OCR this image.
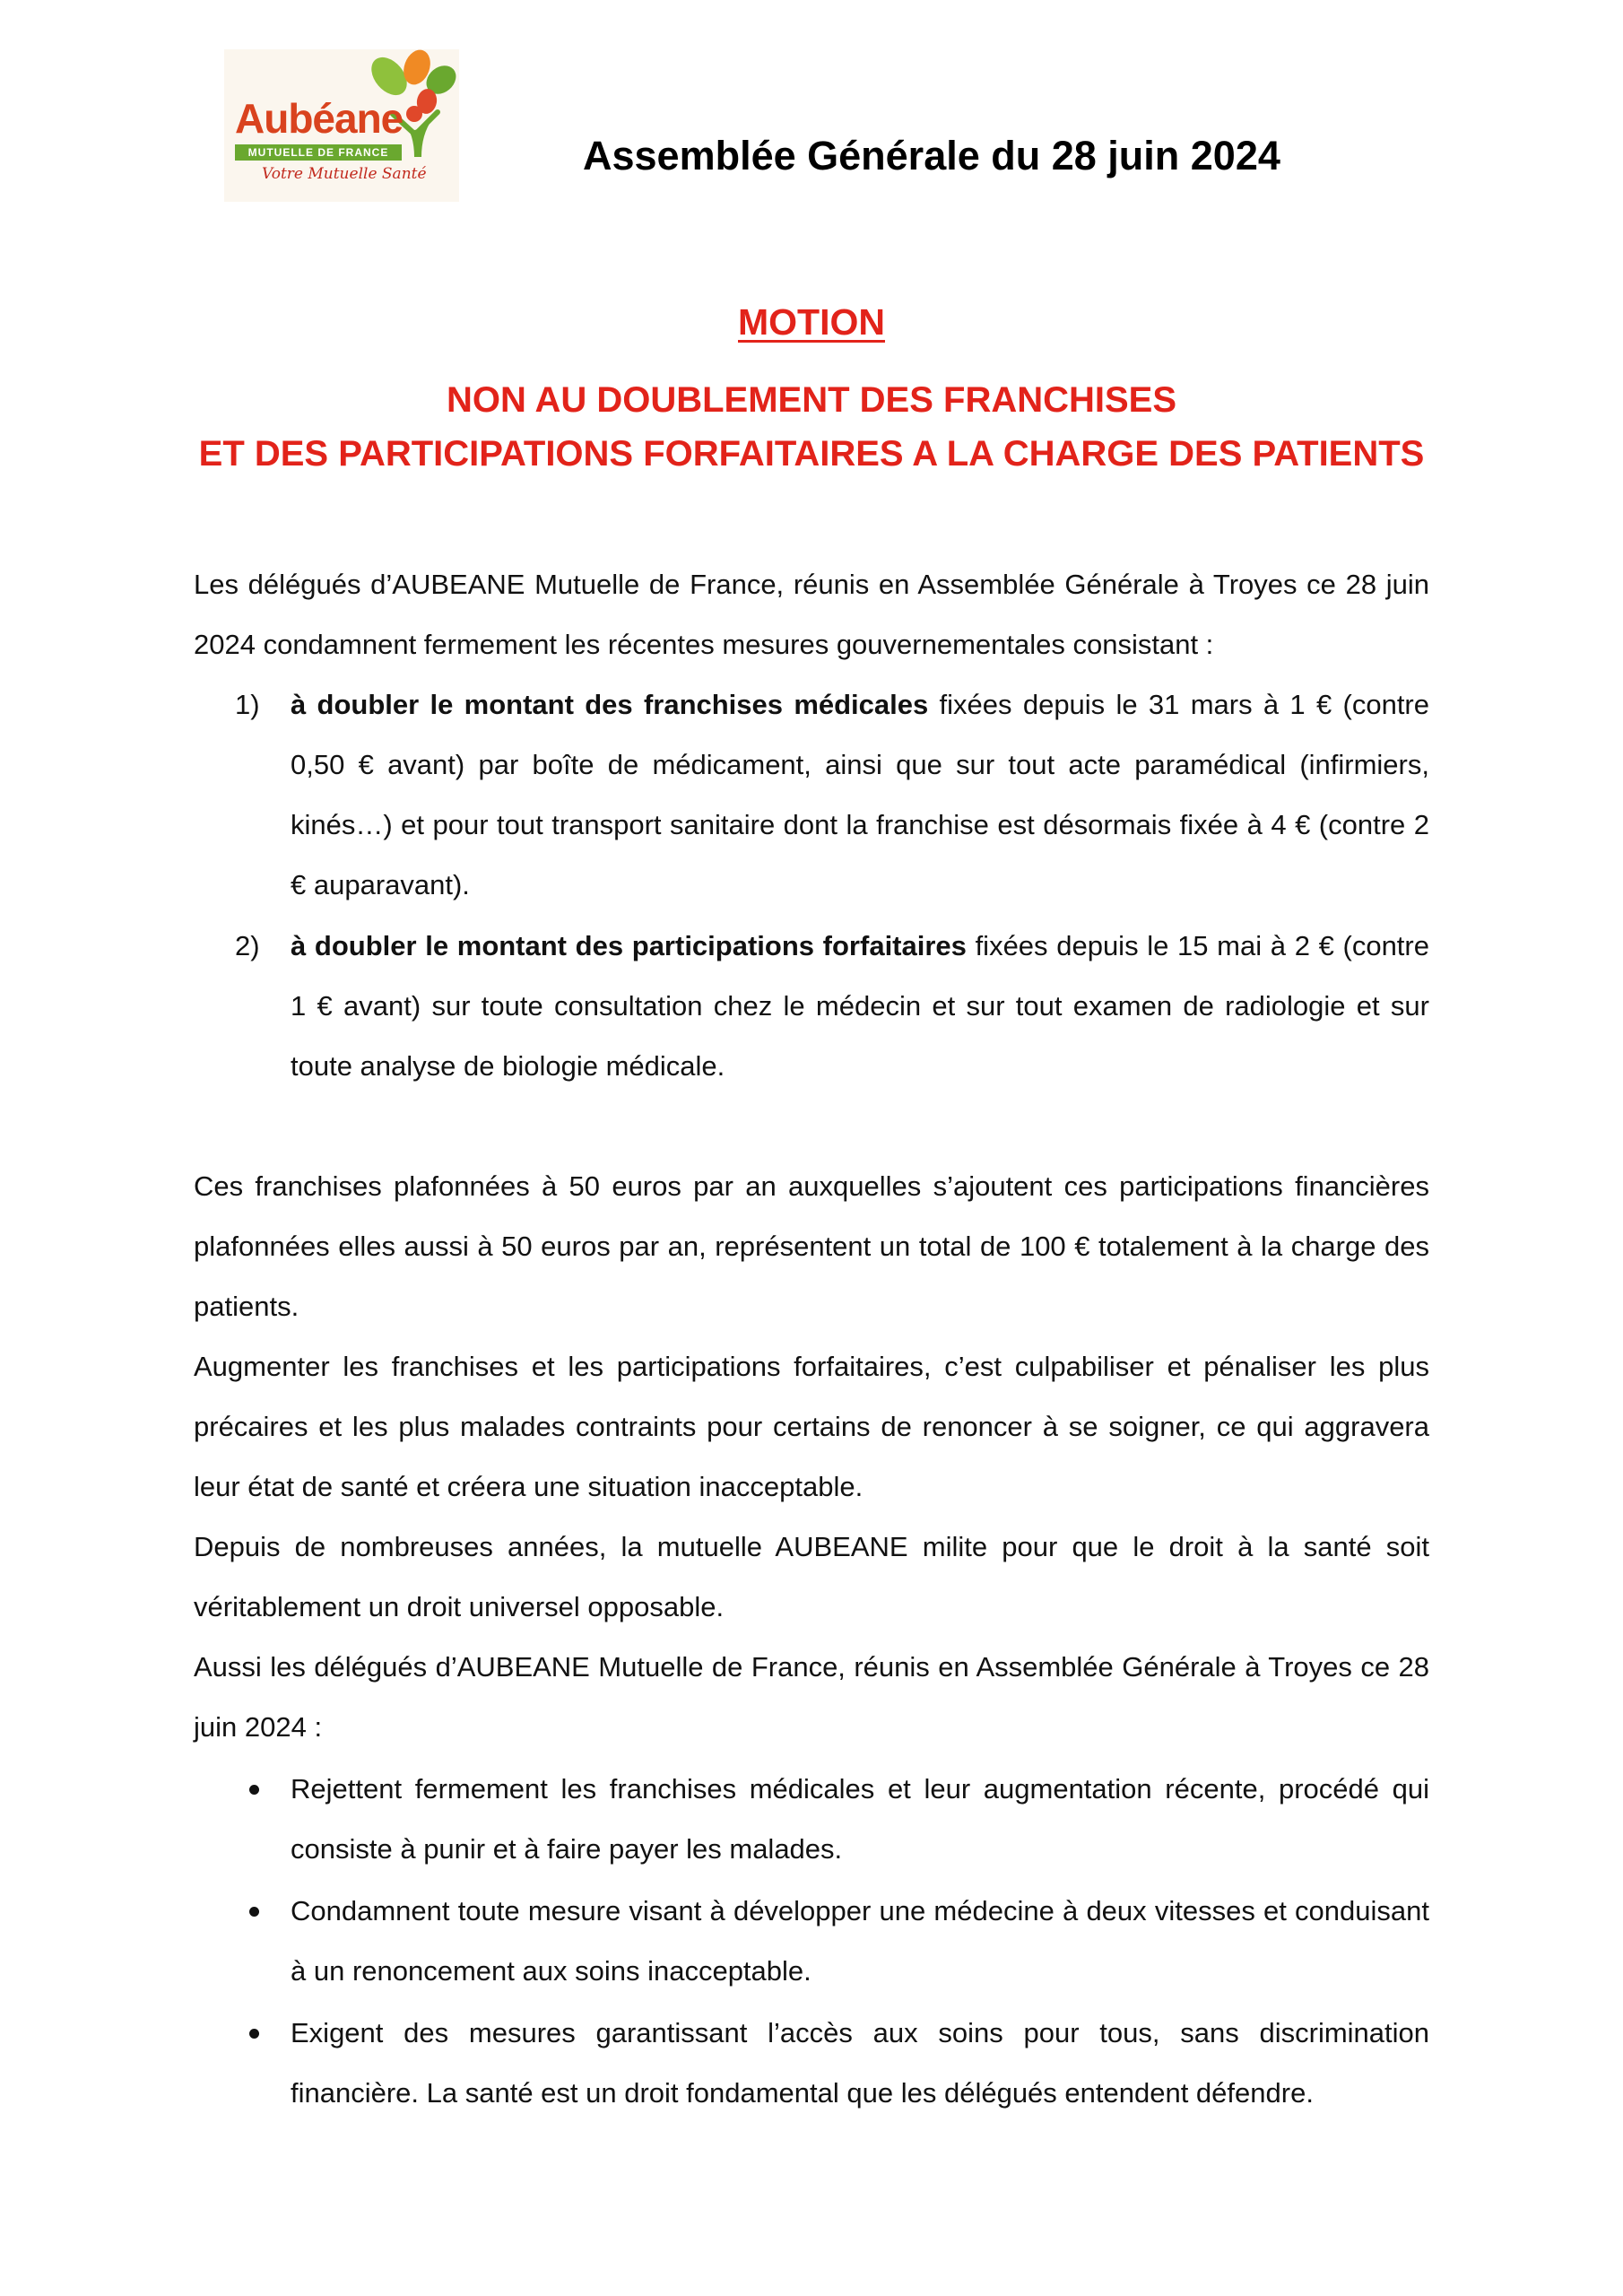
Aubéane
MUTUELLE DE FRANCE
Votre Mutuelle Santé	Assemblée Générale du 28 juin 2024
MOTION
NON AU DOUBLEMENT DES FRANCHISES
ET DES PARTICIPATIONS FORFAITAIRES A LA CHARGE DES PATIENTS

Les délégués d’AUBEANE Mutuelle de France, réunis en Assemblée Générale à Troyes ce 28 juin 2024 condamnent fermement les récentes mesures gouvernementales consistant :

1) à doubler le montant des franchises médicales fixées depuis le 31 mars à 1 € (contre 0,50 € avant) par boîte de médicament, ainsi que sur tout acte paramédical (infirmiers, kinés…) et pour tout transport sanitaire dont la franchise est désormais fixée à 4 € (contre 2 € auparavant).

2) à doubler le montant des participations forfaitaires fixées depuis le 15 mai à 2 € (contre 1 € avant) sur toute consultation chez le médecin et sur tout examen de radiologie et sur toute analyse de biologie médicale.

Ces franchises plafonnées à 50 euros par an auxquelles s’ajoutent ces participations financières plafonnées elles aussi à 50 euros par an, représentent un total de 100 € totalement à la charge des patients.

Augmenter les franchises et les participations forfaitaires, c’est culpabiliser et pénaliser les plus précaires et les plus malades contraints pour certains de renoncer à se soigner, ce qui aggravera leur état de santé et créera une situation inacceptable.

Depuis de nombreuses années, la mutuelle AUBEANE milite pour que le droit à la santé soit véritablement un droit universel opposable.

Aussi les délégués d’AUBEANE Mutuelle de France, réunis en Assemblée Générale à Troyes ce 28 juin 2024 :

Rejettent fermement les franchises médicales et leur augmentation récente, procédé qui consiste à punir et à faire payer les malades.

Condamnent toute mesure visant à développer une médecine à deux vitesses et conduisant à un renoncement aux soins inacceptable.

Exigent des mesures garantissant l’accès aux soins pour tous, sans discrimination financière. La santé est un droit fondamental que les délégués entendent défendre.
